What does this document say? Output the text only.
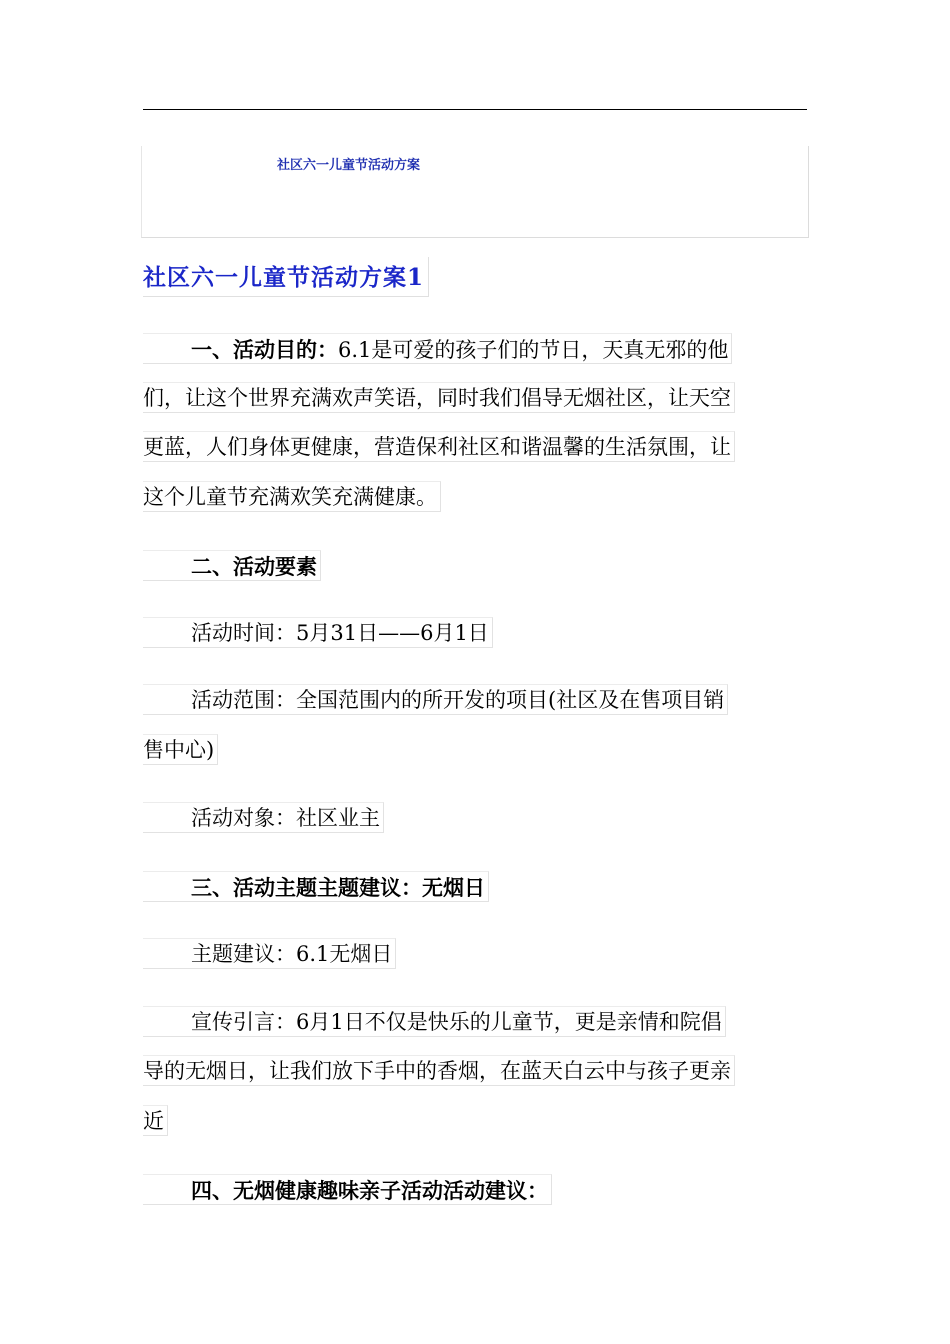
社区六一儿童节活动方案
社区六一儿童节活动方案1
一、活动目的：6.1是可爱的孩子们的节日，天真无邪的他
们，让这个世界充满欢声笑语，同时我们倡导无烟社区，让天空
更蓝，人们身体更健康，营造保利社区和谐温馨的生活氛围，让
这个儿童节充满欢笑充满健康。
二、活动要素
活动时间：5月31日——6月1日
活动范围：全国范围内的所开发的项目(社区及在售项目销
售中心)
活动对象：社区业主
三、活动主题主题建议：无烟日
主题建议：6.1无烟日
宣传引言：6月1日不仅是快乐的儿童节，更是亲情和院倡
导的无烟日，让我们放下手中的香烟，在蓝天白云中与孩子更亲
近
四、无烟健康趣味亲子活动活动建议：
